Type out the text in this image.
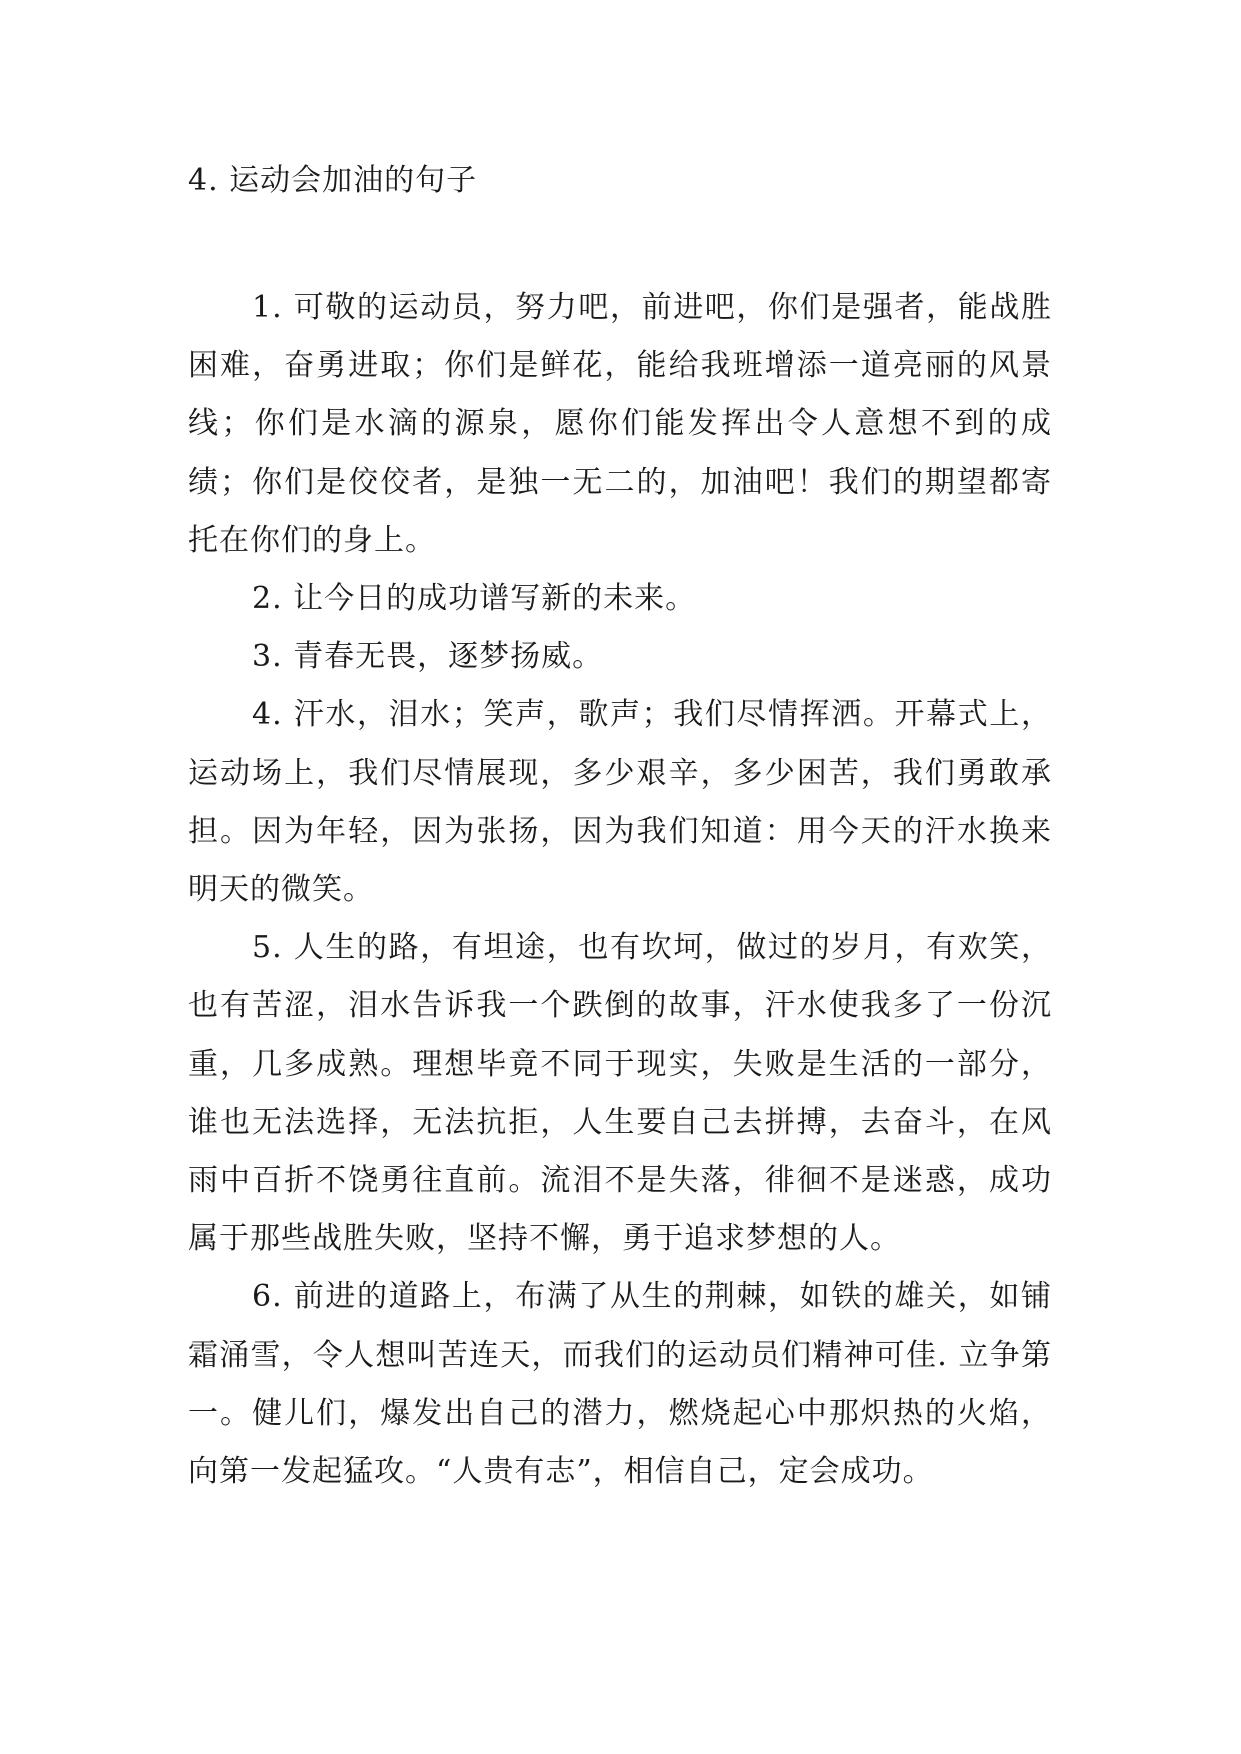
4. 运动会加油的句子

1. 可敬的运动员，努力吧，前进吧，你们是强者，能战胜困难，奋勇进取；你们是鲜花，能给我班增添一道亮丽的风景线；你们是水滴的源泉，愿你们能发挥出令人意想不到的成绩；你们是佼佼者，是独一无二的，加油吧！我们的期望都寄托在你们的身上。

2. 让今日的成功谱写新的未来。

3. 青春无畏，逐梦扬威。

4. 汗水，泪水；笑声，歌声；我们尽情挥洒。开幕式上，运动场上，我们尽情展现，多少艰辛，多少困苦，我们勇敢承担。因为年轻，因为张扬，因为我们知道：用今天的汗水换来明天的微笑。

5. 人生的路，有坦途，也有坎坷，做过的岁月，有欢笑，也有苦涩，泪水告诉我一个跌倒的故事，汗水使我多了一份沉重，几多成熟。理想毕竟不同于现实，失败是生活的一部分，谁也无法选择，无法抗拒，人生要自己去拼搏，去奋斗，在风雨中百折不饶勇往直前。流泪不是失落，徘徊不是迷惑，成功属于那些战胜失败，坚持不懈，勇于追求梦想的人。

6. 前进的道路上，布满了从生的荆棘，如铁的雄关，如铺霜涌雪，令人想叫苦连天，而我们的运动员们精神可佳. 立争第一。健儿们，爆发出自己的潜力，燃烧起心中那炽热的火焰，向第一发起猛攻。“人贵有志”，相信自己，定会成功。
